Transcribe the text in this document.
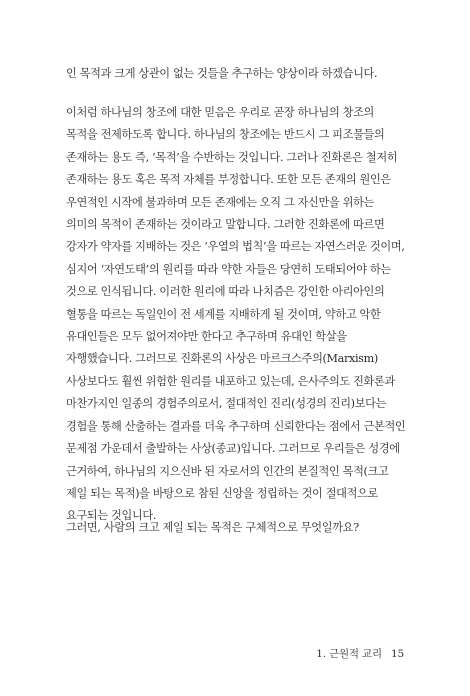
인 목적과 크게 상관이 없는 것들을 추구하는 양상이라 하겠습니다.

이처럼 하나님의 창조에 대한 믿음은 우리로 곧장 하나님의 창조의 목적을 전제하도록 합니다. 하나님의 창조에는 반드시 그 피조물들의 존재하는 용도 즉, ‘목적’을 수반하는 것입니다. 그러나 진화론은 철저히 존재하는 용도 혹은 목적 자체를 부정합니다. 또한 모든 존재의 원인은 우연적인 시작에 불과하며 모든 존재에는 오직 그 자신만을 위하는 의미의 목적이 존재하는 것이라고 말합니다. 그러한 진화론에 따르면 강자가 약자를 지배하는 것은 ‘우열의 법칙’을 따르는 자연스러운 것이며, 심지어 ‘자연도태’의 원리를 따라 약한 자들은 당연히 도태되어야 하는 것으로 인식됩니다. 이러한 원리에 따라 나치즘은 강인한 아리아인의 혈통을 따르는 독일인이 전 세계를 지배하게 될 것이며, 약하고 악한 유대인들은 모두 없어져야만 한다고 추구하며 유대인 학살을 자행했습니다. 그러므로 진화론의 사상은 마르크스주의(Marxism) 사상보다도 훨씬 위험한 원리를 내포하고 있는데, 은사주의도 진화론과 마찬가지인 일종의 경험주의로서, 절대적인 진리(성경의 진리)보다는 경험을 통해 산출하는 결과를 더욱 추구하며 신뢰한다는 점에서 근본적인 문제점 가운데서 출발하는 사상(종교)입니다. 그러므로 우리들은 성경에 근거하여, 하나님의 지으신바 된 자로서의 인간의 본질적인 목적(크고 제일 되는 목적)을 바탕으로 참된 신앙을 정립하는 것이 절대적으로 요구되는 것입니다.

그러면, 사람의 크고 제일 되는 목적은 구체적으로 무엇일까요?

1. 근원적 교리 15
